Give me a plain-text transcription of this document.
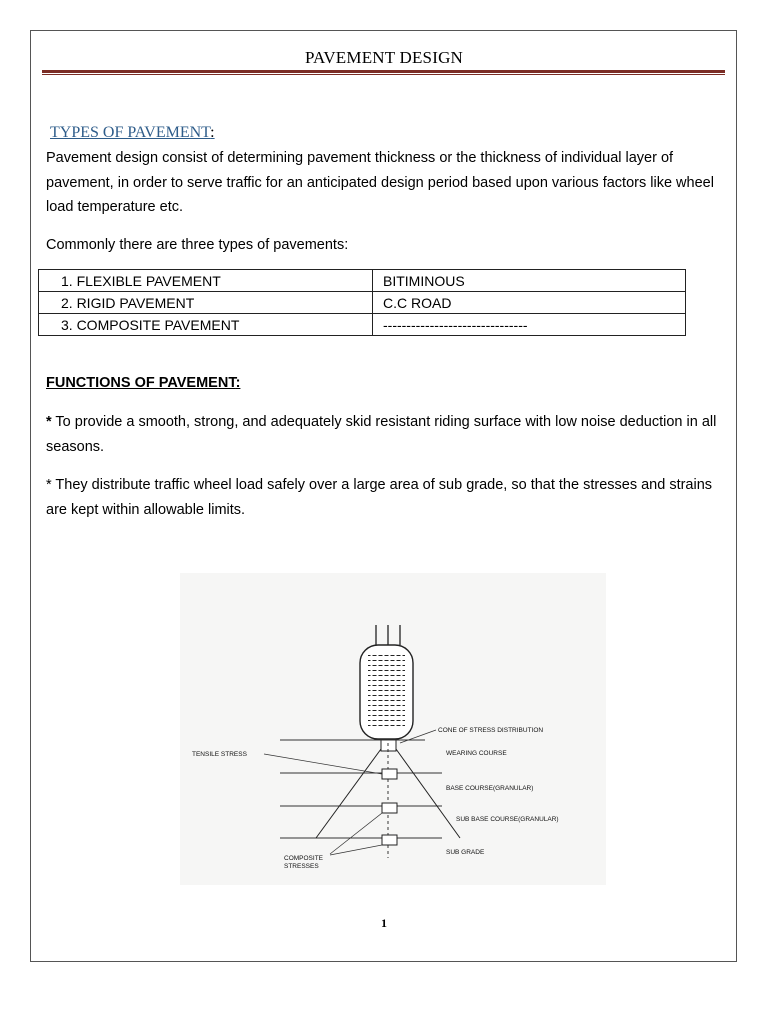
PAVEMENT DESIGN
TYPES OF PAVEMENT:
Pavement design consist of determining pavement thickness or the thickness of individual layer of pavement, in order to serve traffic for an anticipated design period based upon various factors like wheel load temperature etc.
Commonly there are three types of pavements:
1. FLEXIBLE PAVEMENT	BITIMINOUS
2. RIGID PAVEMENT	C.C ROAD
3. COMPOSITE PAVEMENT	-------------------------------
FUNCTIONS OF PAVEMENT:
* To provide a smooth, strong, and adequately skid resistant riding surface with low noise deduction in all seasons.
* They distribute traffic wheel load safely over a large area of sub grade, so that the stresses and strains are kept within allowable limits.
CONE OF STRESS DISTRIBUTION
TENSILE STRESS	WEARING COURSE
BASE COURSE(GRANULAR)
SUB BASE COURSE(GRANULAR)
SUB GRADE
COMPOSITE
STRESSES
1
